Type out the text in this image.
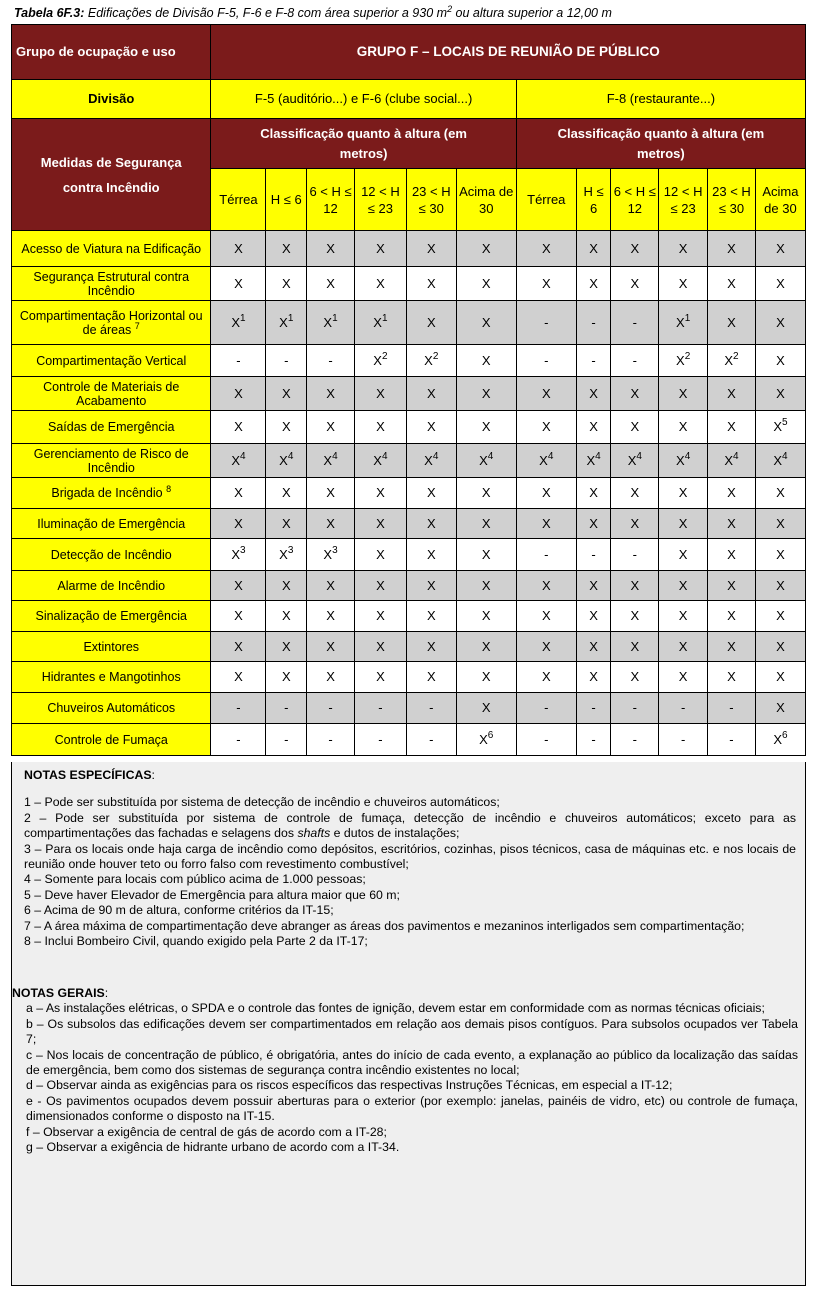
Tabela 6F.3: Edificações de Divisão F-5, F-6 e F-8 com área superior a 930 $m^2$ ou altura superior a 12,00 m
Grupo de ocupação e uso	GRUPO F – LOCAIS DE REUNIÃO DE PÚBLICO											
Divisão	F-5 (auditório...) e F-6 (clube social...)						F-8 (restaurante...)					
Medidas de Segurança contra Incêndio	Classificação quanto à altura (em metros)						Classificação quanto à altura (em metros)					
	Térrea	H ≤ 6	6 < H ≤ 12	12 < H ≤ 23	23 < H ≤ 30	Acima de 30	Térrea	H ≤ 6	6 < H ≤ 12	12 < H ≤ 23	23 < H ≤ 30	Acima de 30
Acesso de Viatura na Edificação	X	X	X	X	X	X	X	X	X	X	X	X
Segurança Estrutural contra Incêndio	X	X	X	X	X	X	X	X	X	X	X	X
Compartimentação Horizontal ou de áreas $^7$	$X^1$	$X^1$	$X^1$	$X^1$	X	X	-	-	-	$X^1$	X	X
Compartimentação Vertical	-	-	-	$X^2$	$X^2$	X	-	-	-	$X^2$	$X^2$	X
Controle de Materiais de Acabamento	X	X	X	X	X	X	X	X	X	X	X	X
Saídas de Emergência	X	X	X	X	X	X	X	X	X	X	X	$X^5$
Gerenciamento de Risco de Incêndio	$X^4$	$X^4$	$X^4$	$X^4$	$X^4$	$X^4$	$X^4$	$X^4$	$X^4$	$X^4$	$X^4$	$X^4$
Brigada de Incêndio $^8$	X	X	X	X	X	X	X	X	X	X	X	X
Iluminação de Emergência	X	X	X	X	X	X	X	X	X	X	X	X
Detecção de Incêndio	$X^3$	$X^3$	$X^3$	X	X	X	-	-	-	X	X	X
Alarme de Incêndio	X	X	X	X	X	X	X	X	X	X	X	X
Sinalização de Emergência	X	X	X	X	X	X	X	X	X	X	X	X
Extintores	X	X	X	X	X	X	X	X	X	X	X	X
Hidrantes e Mangotinhos	X	X	X	X	X	X	X	X	X	X	X	X
Chuveiros Automáticos	-	-	-	-	-	X	-	-	-	-	-	X
Controle de Fumaça	-	-	-	-	-	$X^6$	-	-	-	-	-	$X^6$
NOTAS ESPECÍFICAS:

1 – Pode ser substituída por sistema de detecção de incêndio e chuveiros automáticos;

2 – Pode ser substituída por sistema de controle de fumaça, detecção de incêndio e chuveiros automáticos; exceto para as compartimentações das fachadas e selagens dos shafts e dutos de instalações;

3 – Para os locais onde haja carga de incêndio como depósitos, escritórios, cozinhas, pisos técnicos, casa de máquinas etc. e nos locais de reunião onde houver teto ou forro falso com revestimento combustível;

4 – Somente para locais com público acima de 1.000 pessoas;

5 – Deve haver Elevador de Emergência para altura maior que 60 m;

6 – Acima de 90 m de altura, conforme critérios da IT-15;

7 – A área máxima de compartimentação deve abranger as áreas dos pavimentos e mezaninos interligados sem compartimentação;

8 – Inclui Bombeiro Civil, quando exigido pela Parte 2 da IT-17;

NOTAS GERAIS:

a – As instalações elétricas, o SPDA e o controle das fontes de ignição, devem estar em conformidade com as normas técnicas oficiais;

b – Os subsolos das edificações devem ser compartimentados em relação aos demais pisos contíguos. Para subsolos ocupados ver Tabela 7;

c – Nos locais de concentração de público, é obrigatória, antes do início de cada evento, a explanação ao público da localização das saídas de emergência, bem como dos sistemas de segurança contra incêndio existentes no local;

d – Observar ainda as exigências para os riscos específicos das respectivas Instruções Técnicas, em especial a IT-12;

e - Os pavimentos ocupados devem possuir aberturas para o exterior (por exemplo: janelas, painéis de vidro, etc) ou controle de fumaça, dimensionados conforme o disposto na IT-15.

f – Observar a exigência de central de gás de acordo com a IT-28;

g – Observar a exigência de hidrante urbano de acordo com a IT-34.
